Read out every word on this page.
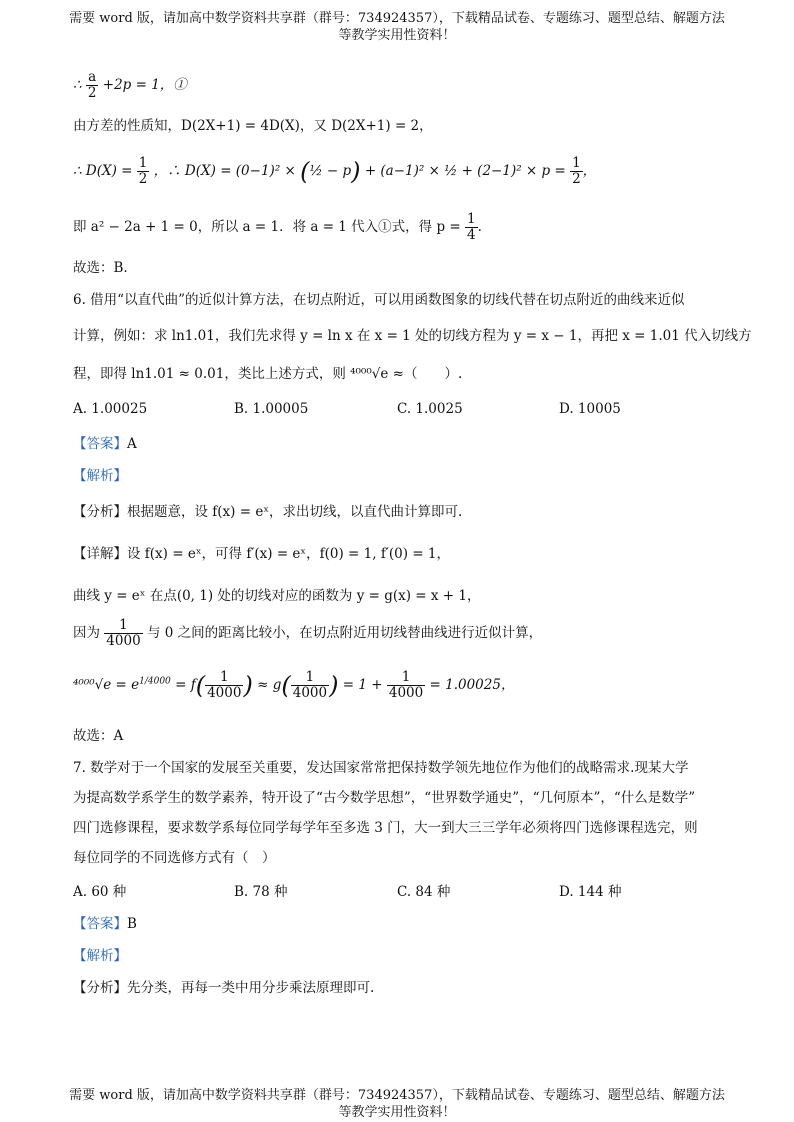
需要 word 版，请加高中数学资料共享群（群号：734924357），下载精品试卷、专题练习、题型总结、解题方法
等教学实用性资料！
∴ $\frac{a}{2} +2p = 1$，①
由方差的性质知，D(2X+1) = 4D(X)，又 D(2X+1) = 2，
∴ $D(X) = \frac{1}{2}$ ，∴ D(X) = (0−1)² × (½ − p) + (a−1)² × ½ + $(2-1)^2 \times p = \frac{1}{2}$ ，
即 a² − 2a + 1 = 0，所以 a = 1．将 a = 1 代入①式，得 $p = \frac{1}{4}$ .
故选：B.
6. 借用“以直代曲”的近似计算方法，在切点附近，可以用函数图象的切线代替在切点附近的曲线来近似
计算，例如：求 ln1.01，我们先求得 y = ln x 在 x = 1 处的切线方程为 y = x − 1，再把 x = 1.01 代入切线方
程，即得 ln1.01 ≈ 0.01，类比上述方式，则 ⁴⁰⁰⁰√e ≈（　　）.
A. 1.00025	B. 1.00005	C. 1.0025	D. 10005
【答案】A
【解析】
【分析】根据题意，设 f(x) = eˣ，求出切线，以直代曲计算即可.
【详解】设 f(x) = eˣ，可得 f′(x) = eˣ，f(0) = 1, f′(0) = 1，
曲线 y = eˣ 在点(0, 1) 处的切线对应的函数为 y = g(x) = x + 1，
因为 $\frac{1}{4000}$ 与 0 之间的距离比较小，在切点附近用切线替曲线进行近似计算，
$^{4000}√e = e^{1/4000} = f( \frac{1}{4000}$ ) ≈ $g( \frac{1}{4000}$ ) = $1 + \frac{1}{4000} = 1.00025$，
故选：A
7. 数学对于一个国家的发展至关重要，发达国家常常把保持数学领先地位作为他们的战略需求.现某大学
为提高数学系学生的数学素养，特开设了“古今数学思想”，“世界数学通史”，“几何原本”，“什么是数学”
四门选修课程，要求数学系每位同学每学年至多选 3 门，大一到大三三学年必须将四门选修课程选完，则
每位同学的不同选修方式有（　）
A. 60 种	B. 78 种	C. 84 种	D. 144 种
【答案】B
【解析】
【分析】先分类，再每一类中用分步乘法原理即可.
需要 word 版，请加高中数学资料共享群（群号：734924357），下载精品试卷、专题练习、题型总结、解题方法
等教学实用性资料！
